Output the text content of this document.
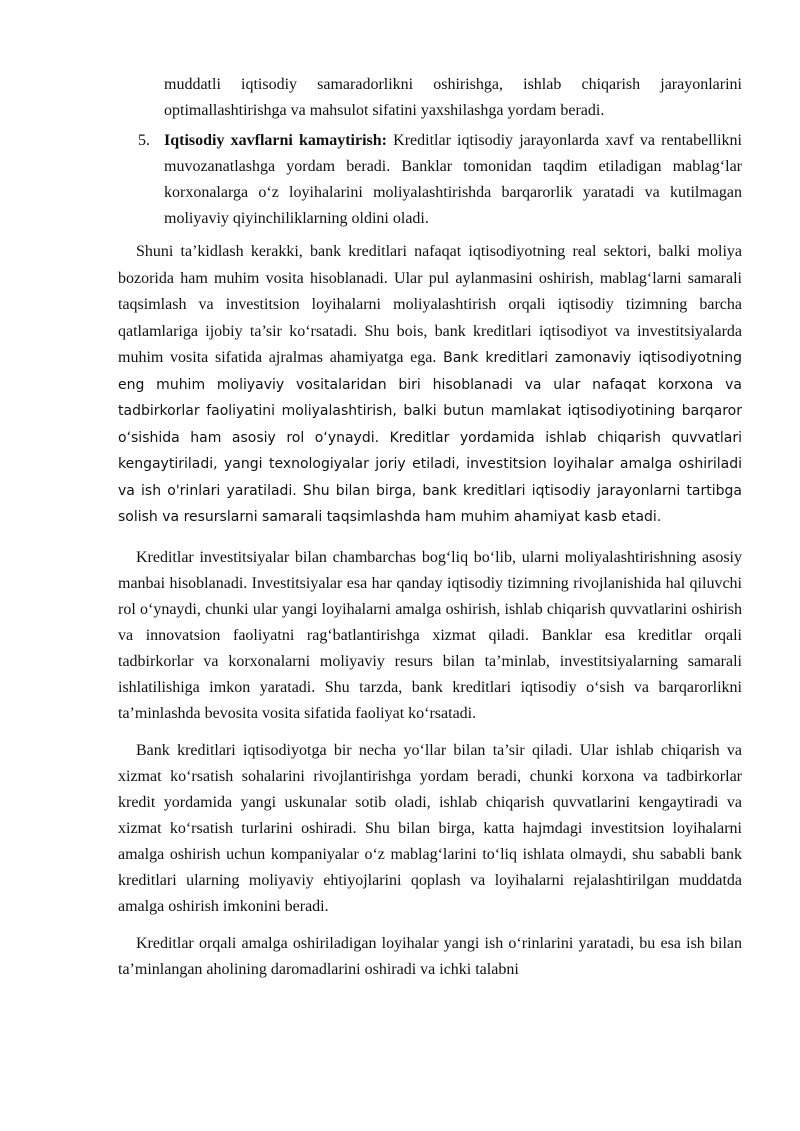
muddatli iqtisodiy samaradorlikni oshirishga, ishlab chiqarish jarayonlarini optimallashtirishga va mahsulot sifatini yaxshilashga yordam beradi.

5. Iqtisodiy xavflarni kamaytirish: Kreditlar iqtisodiy jarayonlarda xavf va rentabellikni muvozanatlashga yordam beradi. Banklar tomonidan taqdim etiladigan mablag‘lar korxonalarga o‘z loyihalarini moliyalashtirishda barqarorlik yaratadi va kutilmagan moliyaviy qiyinchiliklarning oldini oladi.

Shuni ta’kidlash kerakki, bank kreditlari nafaqat iqtisodiyotning real sektori, balki moliya bozorida ham muhim vosita hisoblanadi. Ular pul aylanmasini oshirish, mablag‘larni samarali taqsimlash va investitsion loyihalarni moliyalashtirish orqali iqtisodiy tizimning barcha qatlamlariga ijobiy ta’sir ko‘rsatadi. Shu bois, bank kreditlari iqtisodiyot va investitsiyalarda muhim vosita sifatida ajralmas ahamiyatga ega. Bank kreditlari zamonaviy iqtisodiyotning eng muhim moliyaviy vositalaridan biri hisoblanadi va ular nafaqat korxona va tadbirkorlar faoliyatini moliyalashtirish, balki butun mamlakat iqtisodiyotining barqaror o‘sishida ham asosiy rol o‘ynaydi. Kreditlar yordamida ishlab chiqarish quvvatlari kengaytiriladi, yangi texnologiyalar joriy etiladi, investitsion loyihalar amalga oshiriladi va ish o'rinlari yaratiladi. Shu bilan birga, bank kreditlari iqtisodiy jarayonlarni tartibga solish va resurslarni samarali taqsimlashda ham muhim ahamiyat kasb etadi.

Kreditlar investitsiyalar bilan chambarchas bog‘liq bo‘lib, ularni moliyalashtirishning asosiy manbai hisoblanadi. Investitsiyalar esa har qanday iqtisodiy tizimning rivojlanishida hal qiluvchi rol o‘ynaydi, chunki ular yangi loyihalarni amalga oshirish, ishlab chiqarish quvvatlarini oshirish va innovatsion faoliyatni rag‘batlantirishga xizmat qiladi. Banklar esa kreditlar orqali tadbirkorlar va korxonalarni moliyaviy resurs bilan ta’minlab, investitsiyalarning samarali ishlatilishiga imkon yaratadi. Shu tarzda, bank kreditlari iqtisodiy o‘sish va barqarorlikni ta’minlashda bevosita vosita sifatida faoliyat ko‘rsatadi.

Bank kreditlari iqtisodiyotga bir necha yo‘llar bilan ta’sir qiladi. Ular ishlab chiqarish va xizmat ko‘rsatish sohalarini rivojlantirishga yordam beradi, chunki korxona va tadbirkorlar kredit yordamida yangi uskunalar sotib oladi, ishlab chiqarish quvvatlarini kengaytiradi va xizmat ko‘rsatish turlarini oshiradi. Shu bilan birga, katta hajmdagi investitsion loyihalarni amalga oshirish uchun kompaniyalar o‘z mablag‘larini to‘liq ishlata olmaydi, shu sababli bank kreditlari ularning moliyaviy ehtiyojlarini qoplash va loyihalarni rejalashtirilgan muddatda amalga oshirish imkonini beradi.

Kreditlar orqali amalga oshiriladigan loyihalar yangi ish o‘rinlarini yaratadi, bu esa ish bilan ta’minlangan aholining daromadlarini oshiradi va ichki talabni
